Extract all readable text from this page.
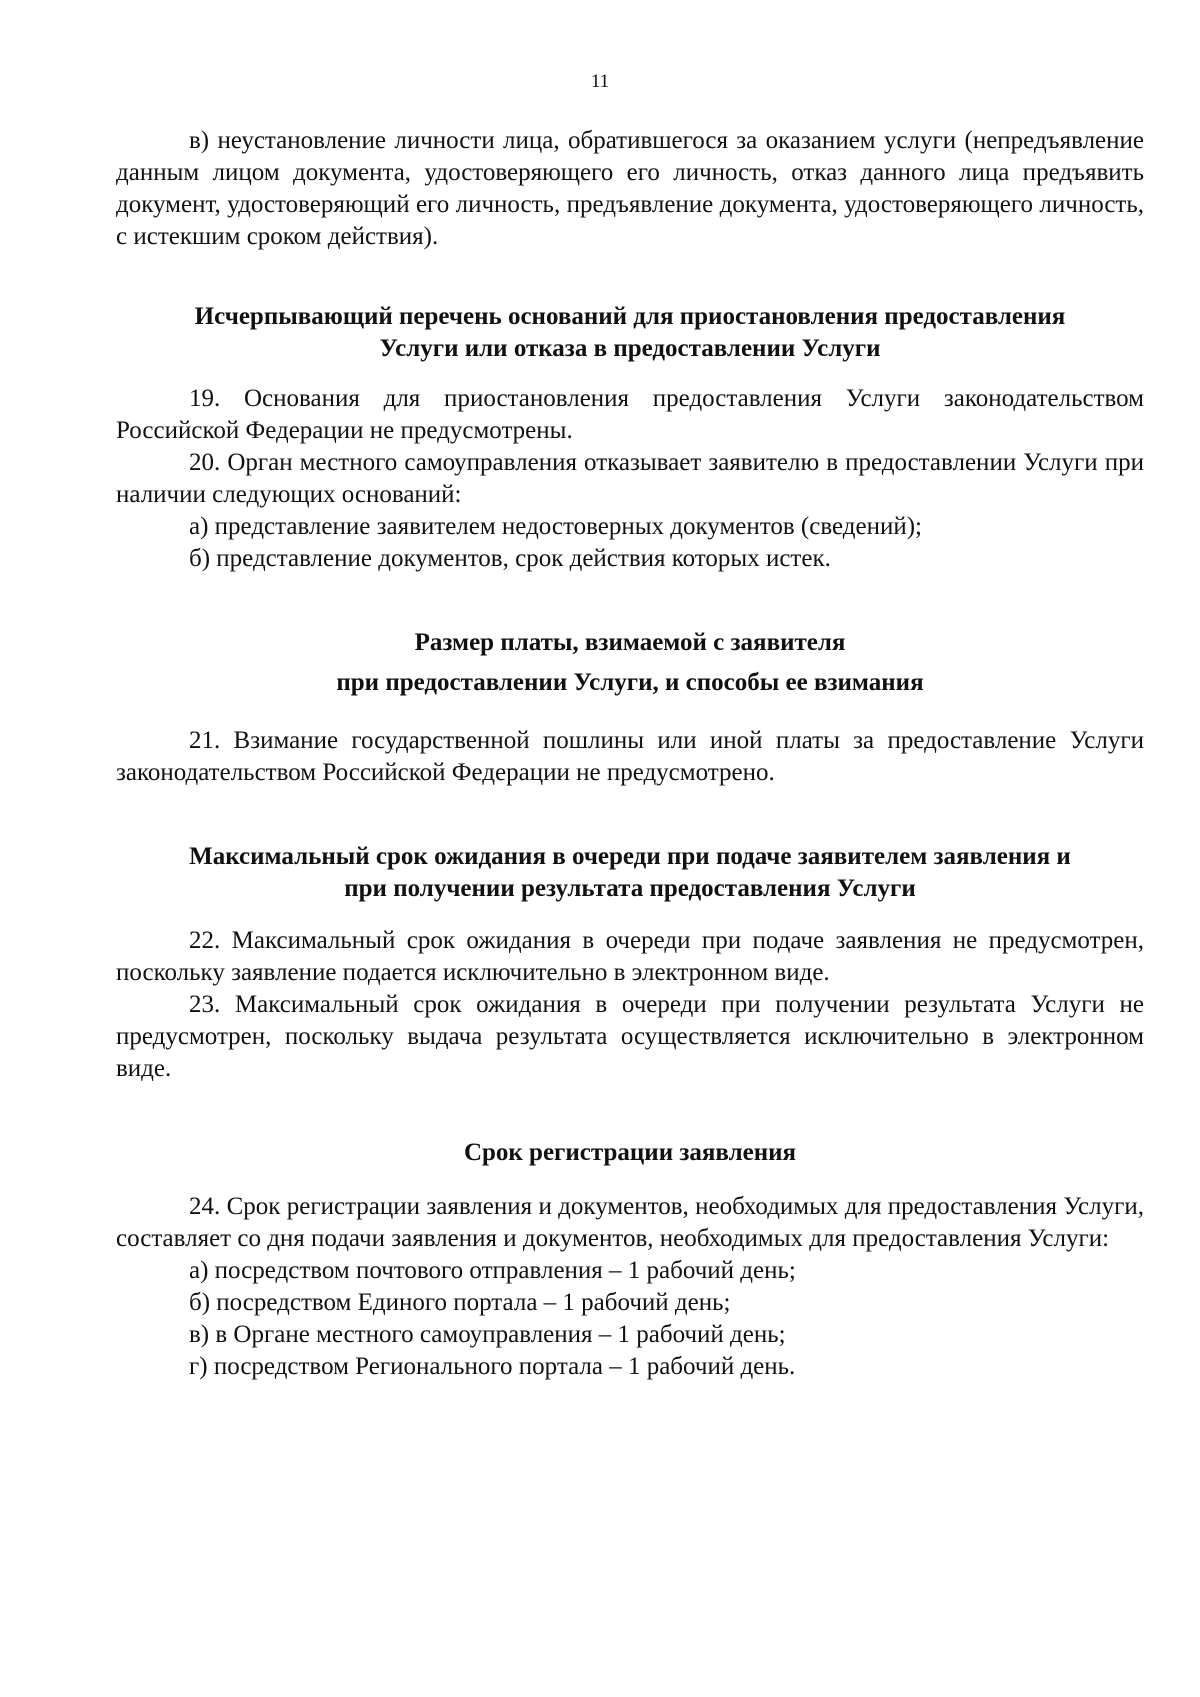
11

в) неустановление личности лица, обратившегося за оказанием услуги (непредъявление данным лицом документа, удостоверяющего его личность, отказ данного лица предъявить документ, удостоверяющий его личность, предъявление документа, удостоверяющего личность, с истекшим сроком действия).

Исчерпывающий перечень оснований для приостановления предоставления
Услуги или отказа в предоставлении Услуги

19. Основания для приостановления предоставления Услуги законодательством Российской Федерации не предусмотрены.

20. Орган местного самоуправления отказывает заявителю в предоставлении Услуги при наличии следующих оснований:

а) представление заявителем недостоверных документов (сведений);

б) представление документов, срок действия которых истек.

Размер платы, взимаемой с заявителя
при предоставлении Услуги, и способы ее взимания

21. Взимание государственной пошлины или иной платы за предоставление Услуги законодательством Российской Федерации не предусмотрено.

Максимальный срок ожидания в очереди при подаче заявителем заявления и
при получении результата предоставления Услуги

22. Максимальный срок ожидания в очереди при подаче заявления не предусмотрен, поскольку заявление подается исключительно в электронном виде.

23. Максимальный срок ожидания в очереди при получении результата Услуги не предусмотрен, поскольку выдача результата осуществляется исключительно в электронном виде.

Срок регистрации заявления

24. Срок регистрации заявления и документов, необходимых для предоставления Услуги, составляет со дня подачи заявления и документов, необходимых для предоставления Услуги:

а) посредством почтового отправления – 1 рабочий день;

б) посредством Единого портала – 1 рабочий день;

в) в Органе местного самоуправления – 1 рабочий день;

г) посредством Регионального портала – 1 рабочий день.
